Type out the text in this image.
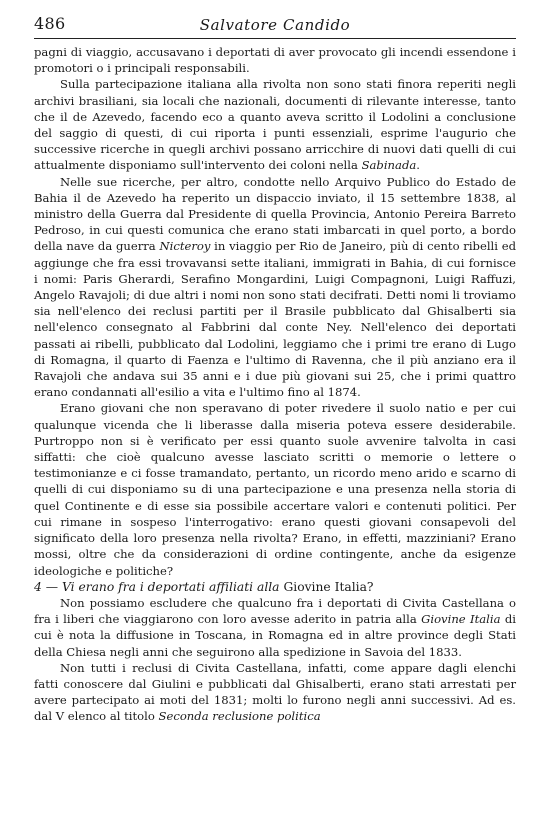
486	Salvatore Candido

pagni di viaggio, accusavano i deportati di aver provocato gli incendi essendone i promotori o i principali responsabili.

Sulla partecipazione italiana alla rivolta non sono stati finora reperiti negli archivi brasiliani, sia locali che nazionali, documenti di rilevante interesse, tanto che il de Azevedo, facendo eco a quanto aveva scritto il Lodolini a conclusione del saggio di questi, di cui riporta i punti essenziali, esprime l'augurio che successive ricerche in quegli archivi possano arricchire di nuovi dati quelli di cui attualmente disponiamo sull'intervento dei coloni nella Sabinada.

Nelle sue ricerche, per altro, condotte nello Arquivo Publico do Estado de Bahia il de Azevedo ha reperito un dispaccio inviato, il 15 settembre 1838, al ministro della Guerra dal Presidente di quella Provincia, Antonio Pereira Barreto Pedroso, in cui questi comunica che erano stati imbarcati in quel porto, a bordo della nave da guerra Nicteroy in viaggio per Rio de Janeiro, più di cento ribelli ed aggiunge che fra essi trovavansi sette italiani, immigrati in Bahia, di cui fornisce i nomi: Paris Gherardi, Serafino Mongardini, Luigi Compagnoni, Luigi Raffuzi, Angelo Ravajoli; di due altri i nomi non sono stati decifrati. Detti nomi li troviamo sia nell'elenco dei reclusi partiti per il Brasile pubblicato dal Ghisalberti sia nell'elenco consegnato al Fabbrini dal conte Ney. Nell'elenco dei deportati passati ai ribelli, pubblicato dal Lodolini, leggiamo che i primi tre erano di Lugo di Romagna, il quarto di Faenza e l'ultimo di Ravenna, che il più anziano era il Ravajoli che andava sui 35 anni e i due più giovani sui 25, che i primi quattro erano condannati all'esilio a vita e l'ultimo fino al 1874.

Erano giovani che non speravano di poter rivedere il suolo natio e per cui qualunque vicenda che li liberasse dalla miseria poteva essere desiderabile. Purtroppo non si è verificato per essi quanto suole avvenire talvolta in casi siffatti: che cioè qualcuno avesse lasciato scritti o memorie o lettere o testimonianze e ci fosse tramandato, pertanto, un ricordo meno arido e scarno di quelli di cui disponiamo su di una partecipazione e una presenza nella storia di quel Continente e di esse sia possibile accertare valori e contenuti politici. Per cui rimane in sospeso l'interrogativo: erano questi giovani consapevoli del significato della loro presenza nella rivolta? Erano, in effetti, mazziniani? Erano mossi, oltre che da considerazioni di ordine contingente, anche da esigenze ideologiche e politiche?

4 — Vi erano fra i deportati affiliati alla Giovine Italia?

Non possiamo escludere che qualcuno fra i deportati di Civita Castellana o fra i liberi che viaggiarono con loro avesse aderito in patria alla Giovine Italia di cui è nota la diffusione in Toscana, in Romagna ed in altre province degli Stati della Chiesa negli anni che seguirono alla spedizione in Savoia del 1833.

Non tutti i reclusi di Civita Castellana, infatti, come appare dagli elenchi fatti conoscere dal Giulini e pubblicati dal Ghisalberti, erano stati arrestati per avere partecipato ai moti del 1831; molti lo furono negli anni successivi. Ad es. dal V elenco al titolo Seconda reclusione politica
